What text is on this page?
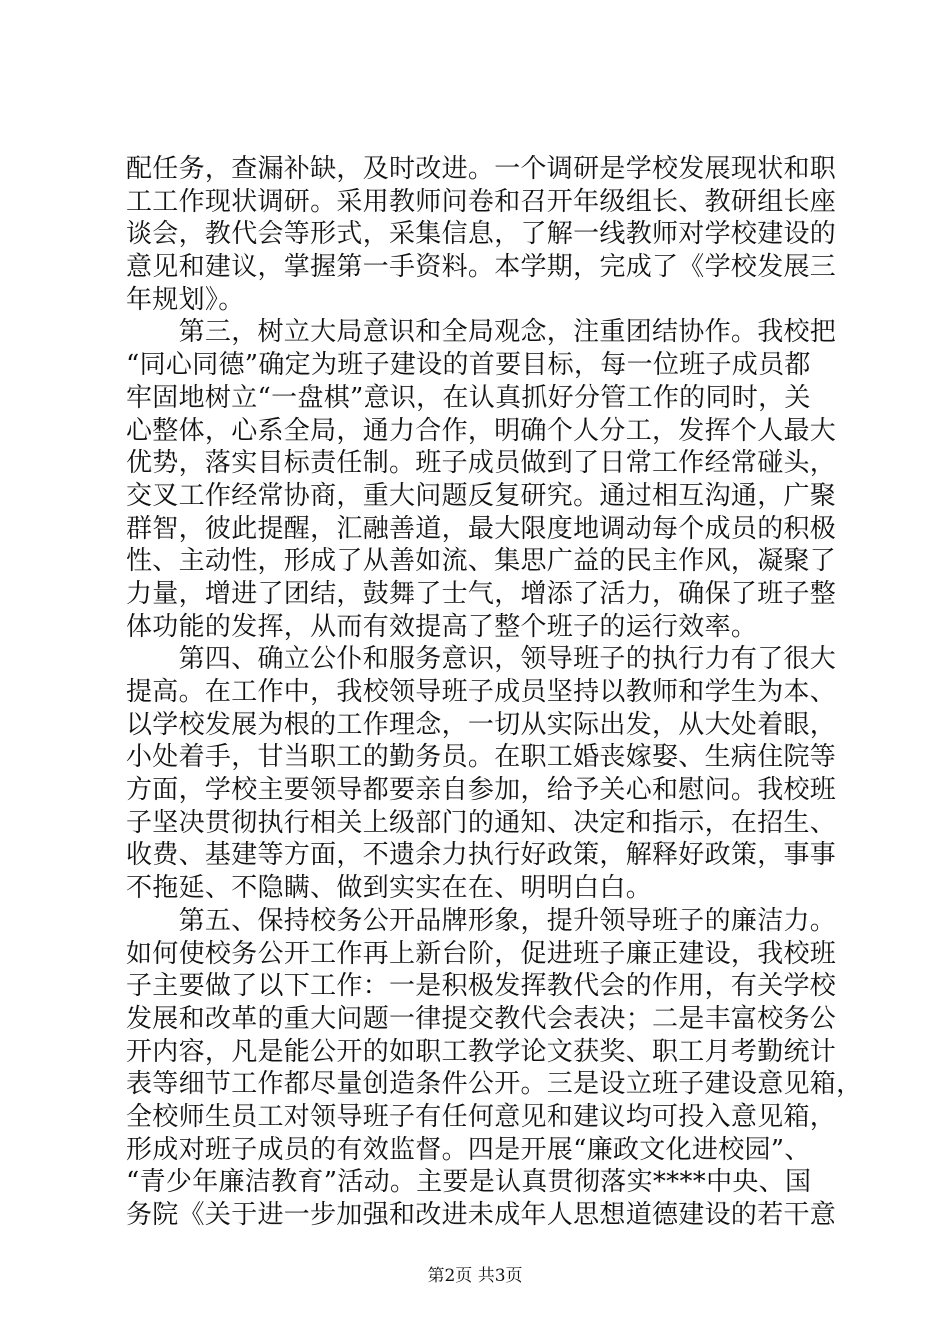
配任务，查漏补缺，及时改进。一个调研是学校发展现状和职
工工作现状调研。采用教师问卷和召开年级组长、教研组长座
谈会，教代会等形式，采集信息，了解一线教师对学校建设的
意见和建议，掌握第一手资料。本学期，完成了《学校发展三
年规划》。
　　第三，树立大局意识和全局观念，注重团结协作。我校把
“同心同德”确定为班子建设的首要目标，每一位班子成员都
牢固地树立“一盘棋”意识，在认真抓好分管工作的同时，关
心整体，心系全局，通力合作，明确个人分工，发挥个人最大
优势，落实目标责任制。班子成员做到了日常工作经常碰头，
交叉工作经常协商，重大问题反复研究。通过相互沟通，广聚
群智，彼此提醒，汇融善道，最大限度地调动每个成员的积极
性、主动性，形成了从善如流、集思广益的民主作风，凝聚了
力量，增进了团结，鼓舞了士气，增添了活力，确保了班子整
体功能的发挥，从而有效提高了整个班子的运行效率。
　　第四、确立公仆和服务意识，领导班子的执行力有了很大
提高。在工作中，我校领导班子成员坚持以教师和学生为本、
以学校发展为根的工作理念，一切从实际出发，从大处着眼，
小处着手，甘当职工的勤务员。在职工婚丧嫁娶、生病住院等
方面，学校主要领导都要亲自参加，给予关心和慰问。我校班
子坚决贯彻执行相关上级部门的通知、决定和指示，在招生、
收费、基建等方面，不遗余力执行好政策，解释好政策，事事
不拖延、不隐瞒、做到实实在在、明明白白。
　　第五、保持校务公开品牌形象，提升领导班子的廉洁力。
如何使校务公开工作再上新台阶，促进班子廉正建设，我校班
子主要做了以下工作：一是积极发挥教代会的作用，有关学校
发展和改革的重大问题一律提交教代会表决；二是丰富校务公
开内容，凡是能公开的如职工教学论文获奖、职工月考勤统计
表等细节工作都尽量创造条件公开。三是设立班子建设意见箱，
全校师生员工对领导班子有任何意见和建议均可投入意见箱，
形成对班子成员的有效监督。四是开展“廉政文化进校园”、
“青少年廉洁教育”活动。主要是认真贯彻落实****中央、国
务院《关于进一步加强和改进未成年人思想道德建设的若干意
第2页 共3页
